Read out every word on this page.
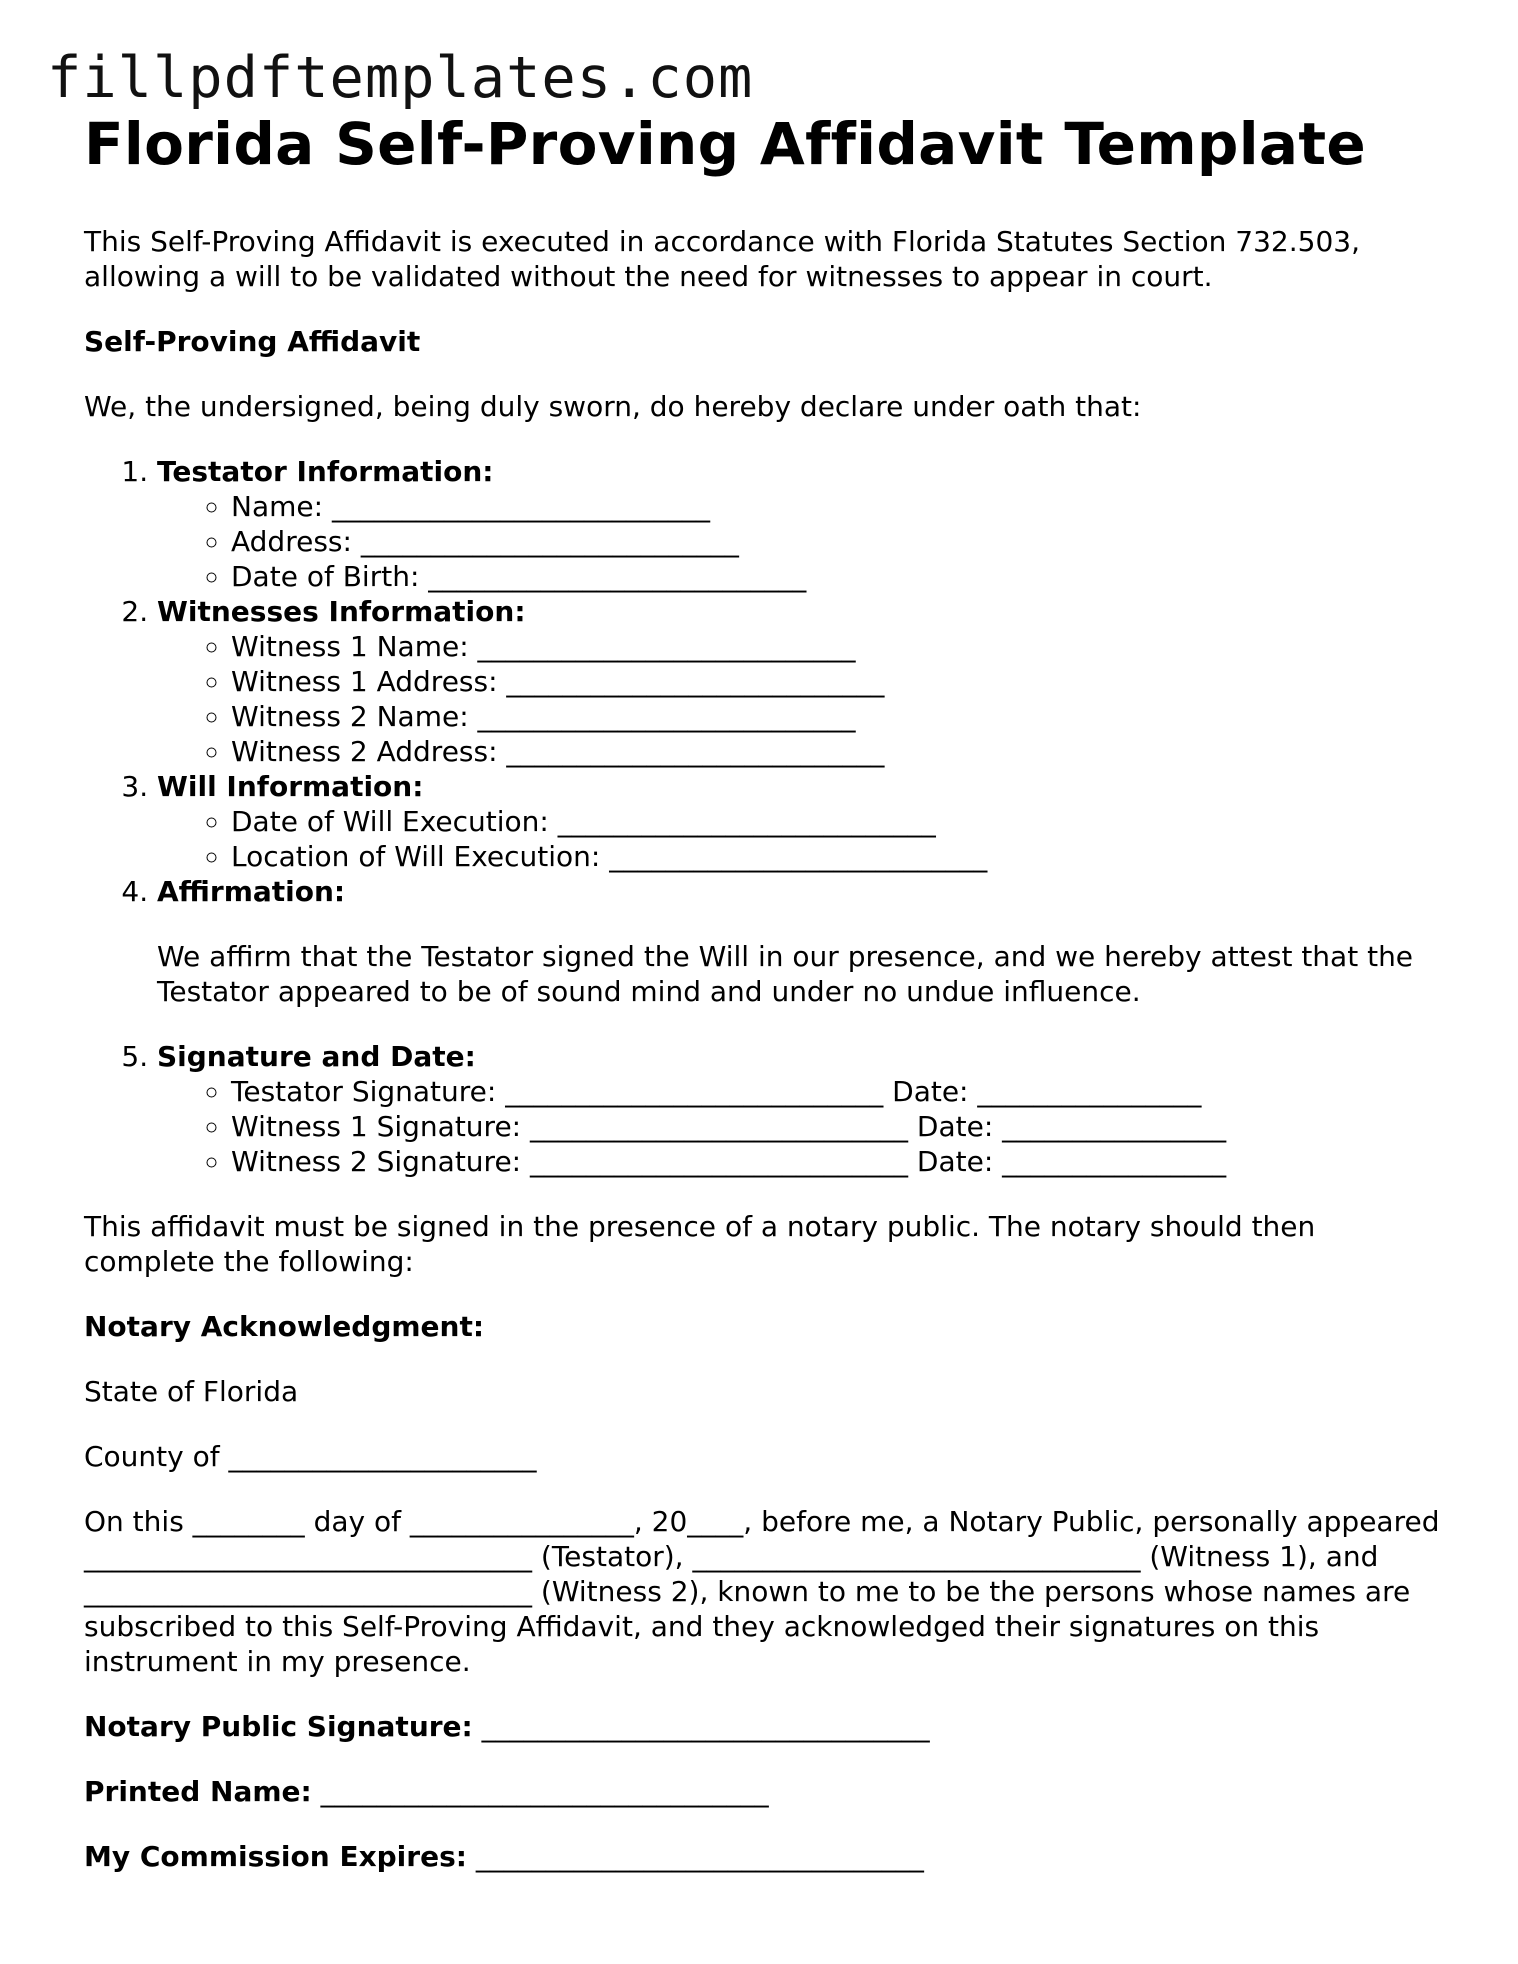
fillpdftemplates.com
Florida Self-Proving Affidavit Template

This Self-Proving Affidavit is executed in accordance with Florida Statutes Section 732.503, allowing a will to be validated without the need for witnesses to appear in court.

Self-Proving Affidavit

We, the undersigned, being duly sworn, do hereby declare under oath that:

1. Testator Information:
◦ Name: ___________________________
◦ Address: ___________________________
◦ Date of Birth: ___________________________
2. Witnesses Information:
◦ Witness 1 Name: ___________________________
◦ Witness 1 Address: ___________________________
◦ Witness 2 Name: ___________________________
◦ Witness 2 Address: ___________________________
3. Will Information:
◦ Date of Will Execution: ___________________________
◦ Location of Will Execution: ___________________________
4. Affirmation:

We affirm that the Testator signed the Will in our presence, and we hereby attest that the Testator appeared to be of sound mind and under no undue influence.

5. Signature and Date:
◦ Testator Signature: ___________________________ Date: ________________
◦ Witness 1 Signature: ___________________________ Date: ________________
◦ Witness 2 Signature: ___________________________ Date: ________________

This affidavit must be signed in the presence of a notary public. The notary should then complete the following:

Notary Acknowledgment:

State of Florida

County of ______________________

On this ________ day of ________________, 20____, before me, a Notary Public, personally appeared ________________________________ (Testator), ________________________________ (Witness 1), and ________________________________ (Witness 2), known to me to be the persons whose names are subscribed to this Self-Proving Affidavit, and they acknowledged their signatures on this instrument in my presence.

Notary Public Signature: ________________________________

Printed Name: ________________________________

My Commission Expires: ________________________________
